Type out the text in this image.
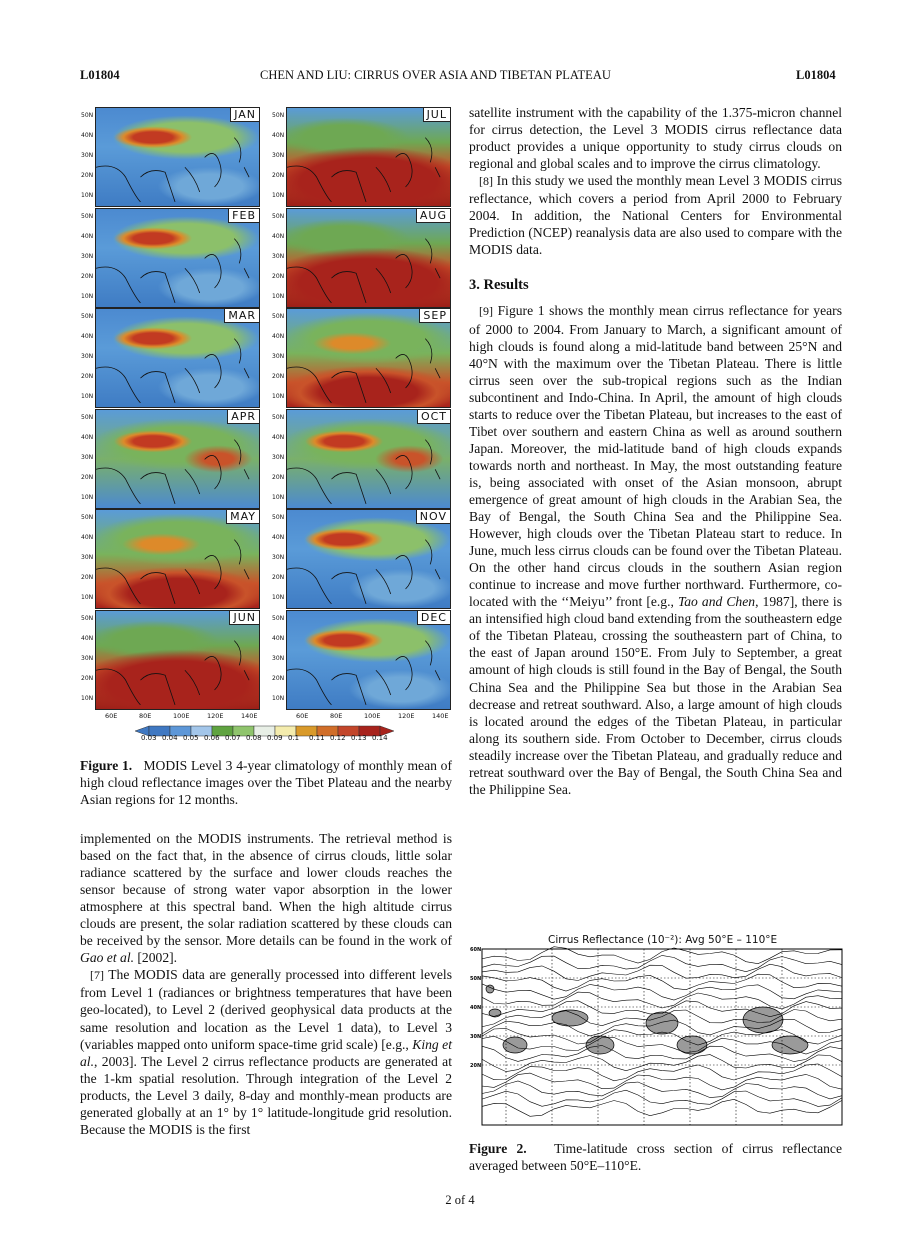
L01804	CHEN AND LIU: CIRRUS OVER ASIA AND TIBETAN PLATEAU	L01804
JAN
50N
40N
30N
20N
10N
FEB
50N
40N
30N
20N
10N
MAR
50N
40N
30N
20N
10N
APR
50N
40N
30N
20N
10N
MAY
50N
40N
30N
20N
10N
JUN
50N
40N
30N
20N
10N
JUL
50N
40N
30N
20N
10N
AUG
50N
40N
30N
20N
10N
SEP
50N
40N
30N
20N
10N
OCT
50N
40N
30N
20N
10N
NOV
50N
40N
30N
20N
10N
DEC
50N
40N
30N
20N
10N
60E	80E	100E	120E	140E	60E	80E	100E	120E	140E
0.03 0.04 0.05 0.06 0.07 0.08 0.09 0.1 0.11 0.12 0.13 0.14
Figure 1. MODIS Level 3 4-year climatology of monthly mean of high cloud reflectance images over the Tibet Plateau and the nearby Asian regions for 12 months.

implemented on the MODIS instruments. The retrieval method is based on the fact that, in the absence of cirrus clouds, little solar radiance scattered by the surface and lower clouds reaches the sensor because of strong water vapor absorption in the lower atmosphere at this spectral band. When the high altitude cirrus clouds are present, the solar radiation scattered by these clouds can be received by the sensor. More details can be found in the work of Gao et al. [2002].

[7] The MODIS data are generally processed into different levels from Level 1 (radiances or brightness temperatures that have been geo-located), to Level 2 (derived geophysical data products at the same resolution and location as the Level 1 data), to Level 3 (variables mapped onto uniform space-time grid scale) [e.g., King et al., 2003]. The Level 2 cirrus reflectance products are generated at the 1-km spatial resolution. Through integration of the Level 2 products, the Level 3 daily, 8-day and monthly-mean products are generated globally at an 1° by 1° latitude-longitude grid resolution. Because the MODIS is the first

satellite instrument with the capability of the 1.375-micron channel for cirrus detection, the Level 3 MODIS cirrus reflectance data product provides a unique opportunity to study cirrus clouds on regional and global scales and to improve the cirrus climatology.

[8] In this study we used the monthly mean Level 3 MODIS cirrus reflectance, which covers a period from April 2000 to February 2004. In addition, the National Centers for Environmental Prediction (NCEP) reanalysis data are also used to compare with the MODIS data.

3. Results

[9] Figure 1 shows the monthly mean cirrus reflectance for years of 2000 to 2004. From January to March, a significant amount of high clouds is found along a mid-latitude band between 25°N and 40°N with the maximum over the Tibetan Plateau. There is little cirrus seen over the sub-tropical regions such as the Indian subcontinent and Indo-China. In April, the amount of high clouds starts to reduce over the Tibetan Plateau, but increases to the east of Tibet over southern and eastern China as well as around southern Japan. Moreover, the mid-latitude band of high clouds expands towards north and northeast. In May, the most outstanding feature is, being associated with onset of the Asian monsoon, abrupt emergence of great amount of high clouds in the Arabian Sea, the Bay of Bengal, the South China Sea and the Philippine Sea. However, high clouds over the Tibetan Plateau start to reduce. In June, much less cirrus clouds can be found over the Tibetan Plateau. On the other hand circus clouds in the southern Asian region continue to increase and move further northward. Furthermore, co-located with the ‘‘Meiyu’’ front [e.g., Tao and Chen, 1987], there is an intensified high cloud band extending from the southeastern edge of the Tibetan Plateau, crossing the southeastern part of China, to the east of Japan around 150°E. From July to September, a great amount of high clouds is still found in the Bay of Bengal, the South China Sea and the Philippine Sea but those in the Arabian Sea decrease and retreat southward. Also, a large amount of high clouds is located around the edges of the Tibetan Plateau, in particular along its southern side. From October to December, cirrus clouds steadily increase over the Tibetan Plateau, and gradually reduce and retreat southward over the Bay of Bengal, the South China Sea and the Philippine Sea.

Cirrus Reflectance (10⁻²): Avg 50°E – 110°E
60N
50N
40N
30N
20N
Figure 2. Time-latitude cross section of cirrus reflectance averaged between 50°E–110°E.
2 of 4
